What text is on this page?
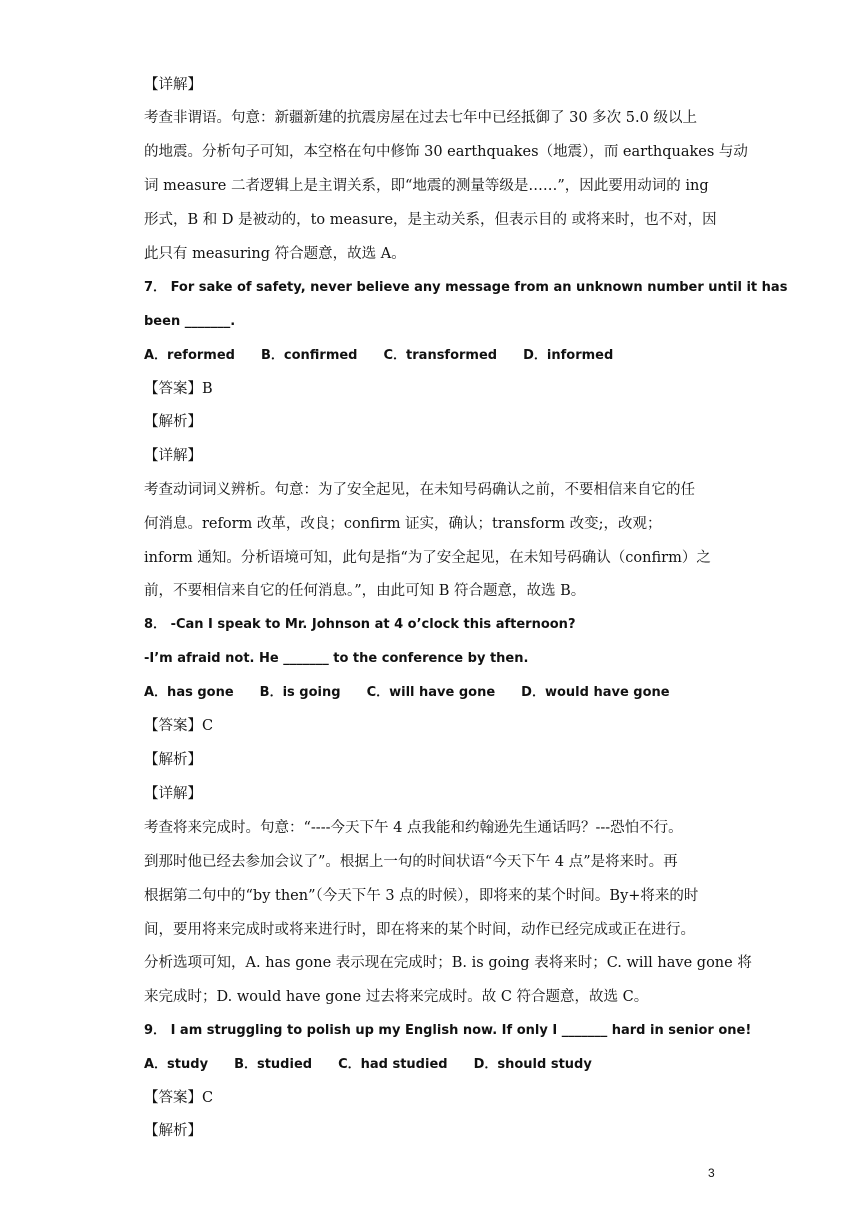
【详解】
考查非谓语。句意：新疆新建的抗震房屋在过去七年中已经抵御了 30 多次 5.0 级以上
的地震。分析句子可知，本空格在句中修饰 30 earthquakes（地震），而 earthquakes 与动
词 measure 二者逻辑上是主谓关系，即“地震的测量等级是……”，因此要用动词的 ing
形式，B 和 D 是被动的，to measure，是主动关系，但表示目的 或将来时，也不对，因
此只有 measuring 符合题意，故选 A。
7． For sake of safety, never believe any message from an unknown number until it has
been _______.
A．reformed B．confirmed C．transformed D．informed
【答案】B
【解析】
【详解】
考查动词词义辨析。句意：为了安全起见，在未知号码确认之前，不要相信来自它的任
何消息。reform 改革，改良；confirm 证实，确认；transform 改变;，改观；
inform 通知。分析语境可知，此句是指“为了安全起见，在未知号码确认（confirm）之
前，不要相信来自它的任何消息。”，由此可知 B 符合题意，故选 B。
8． -Can I speak to Mr. Johnson at 4 o’clock this afternoon?
-I’m afraid not. He _______ to the conference by then.
A．has gone B．is going C．will have gone D．would have gone
【答案】C
【解析】
【详解】
考查将来完成时。句意：“----今天下午 4 点我能和约翰逊先生通话吗？---恐怕不行。
到那时他已经去参加会议了”。根据上一句的时间状语“今天下午 4 点”是将来时。再
根据第二句中的“by then”（今天下午 3 点的时候），即将来的某个时间。By+将来的时
间，要用将来完成时或将来进行时，即在将来的某个时间，动作已经完成或正在进行。
分析选项可知，A. has gone 表示现在完成时；B. is going 表将来时；C. will have gone 将
来完成时；D. would have gone 过去将来完成时。故 C 符合题意，故选 C。
9． I am struggling to polish up my English now. If only I _______ hard in senior one!
A．study B．studied C．had studied D．should study
【答案】C
【解析】
3
